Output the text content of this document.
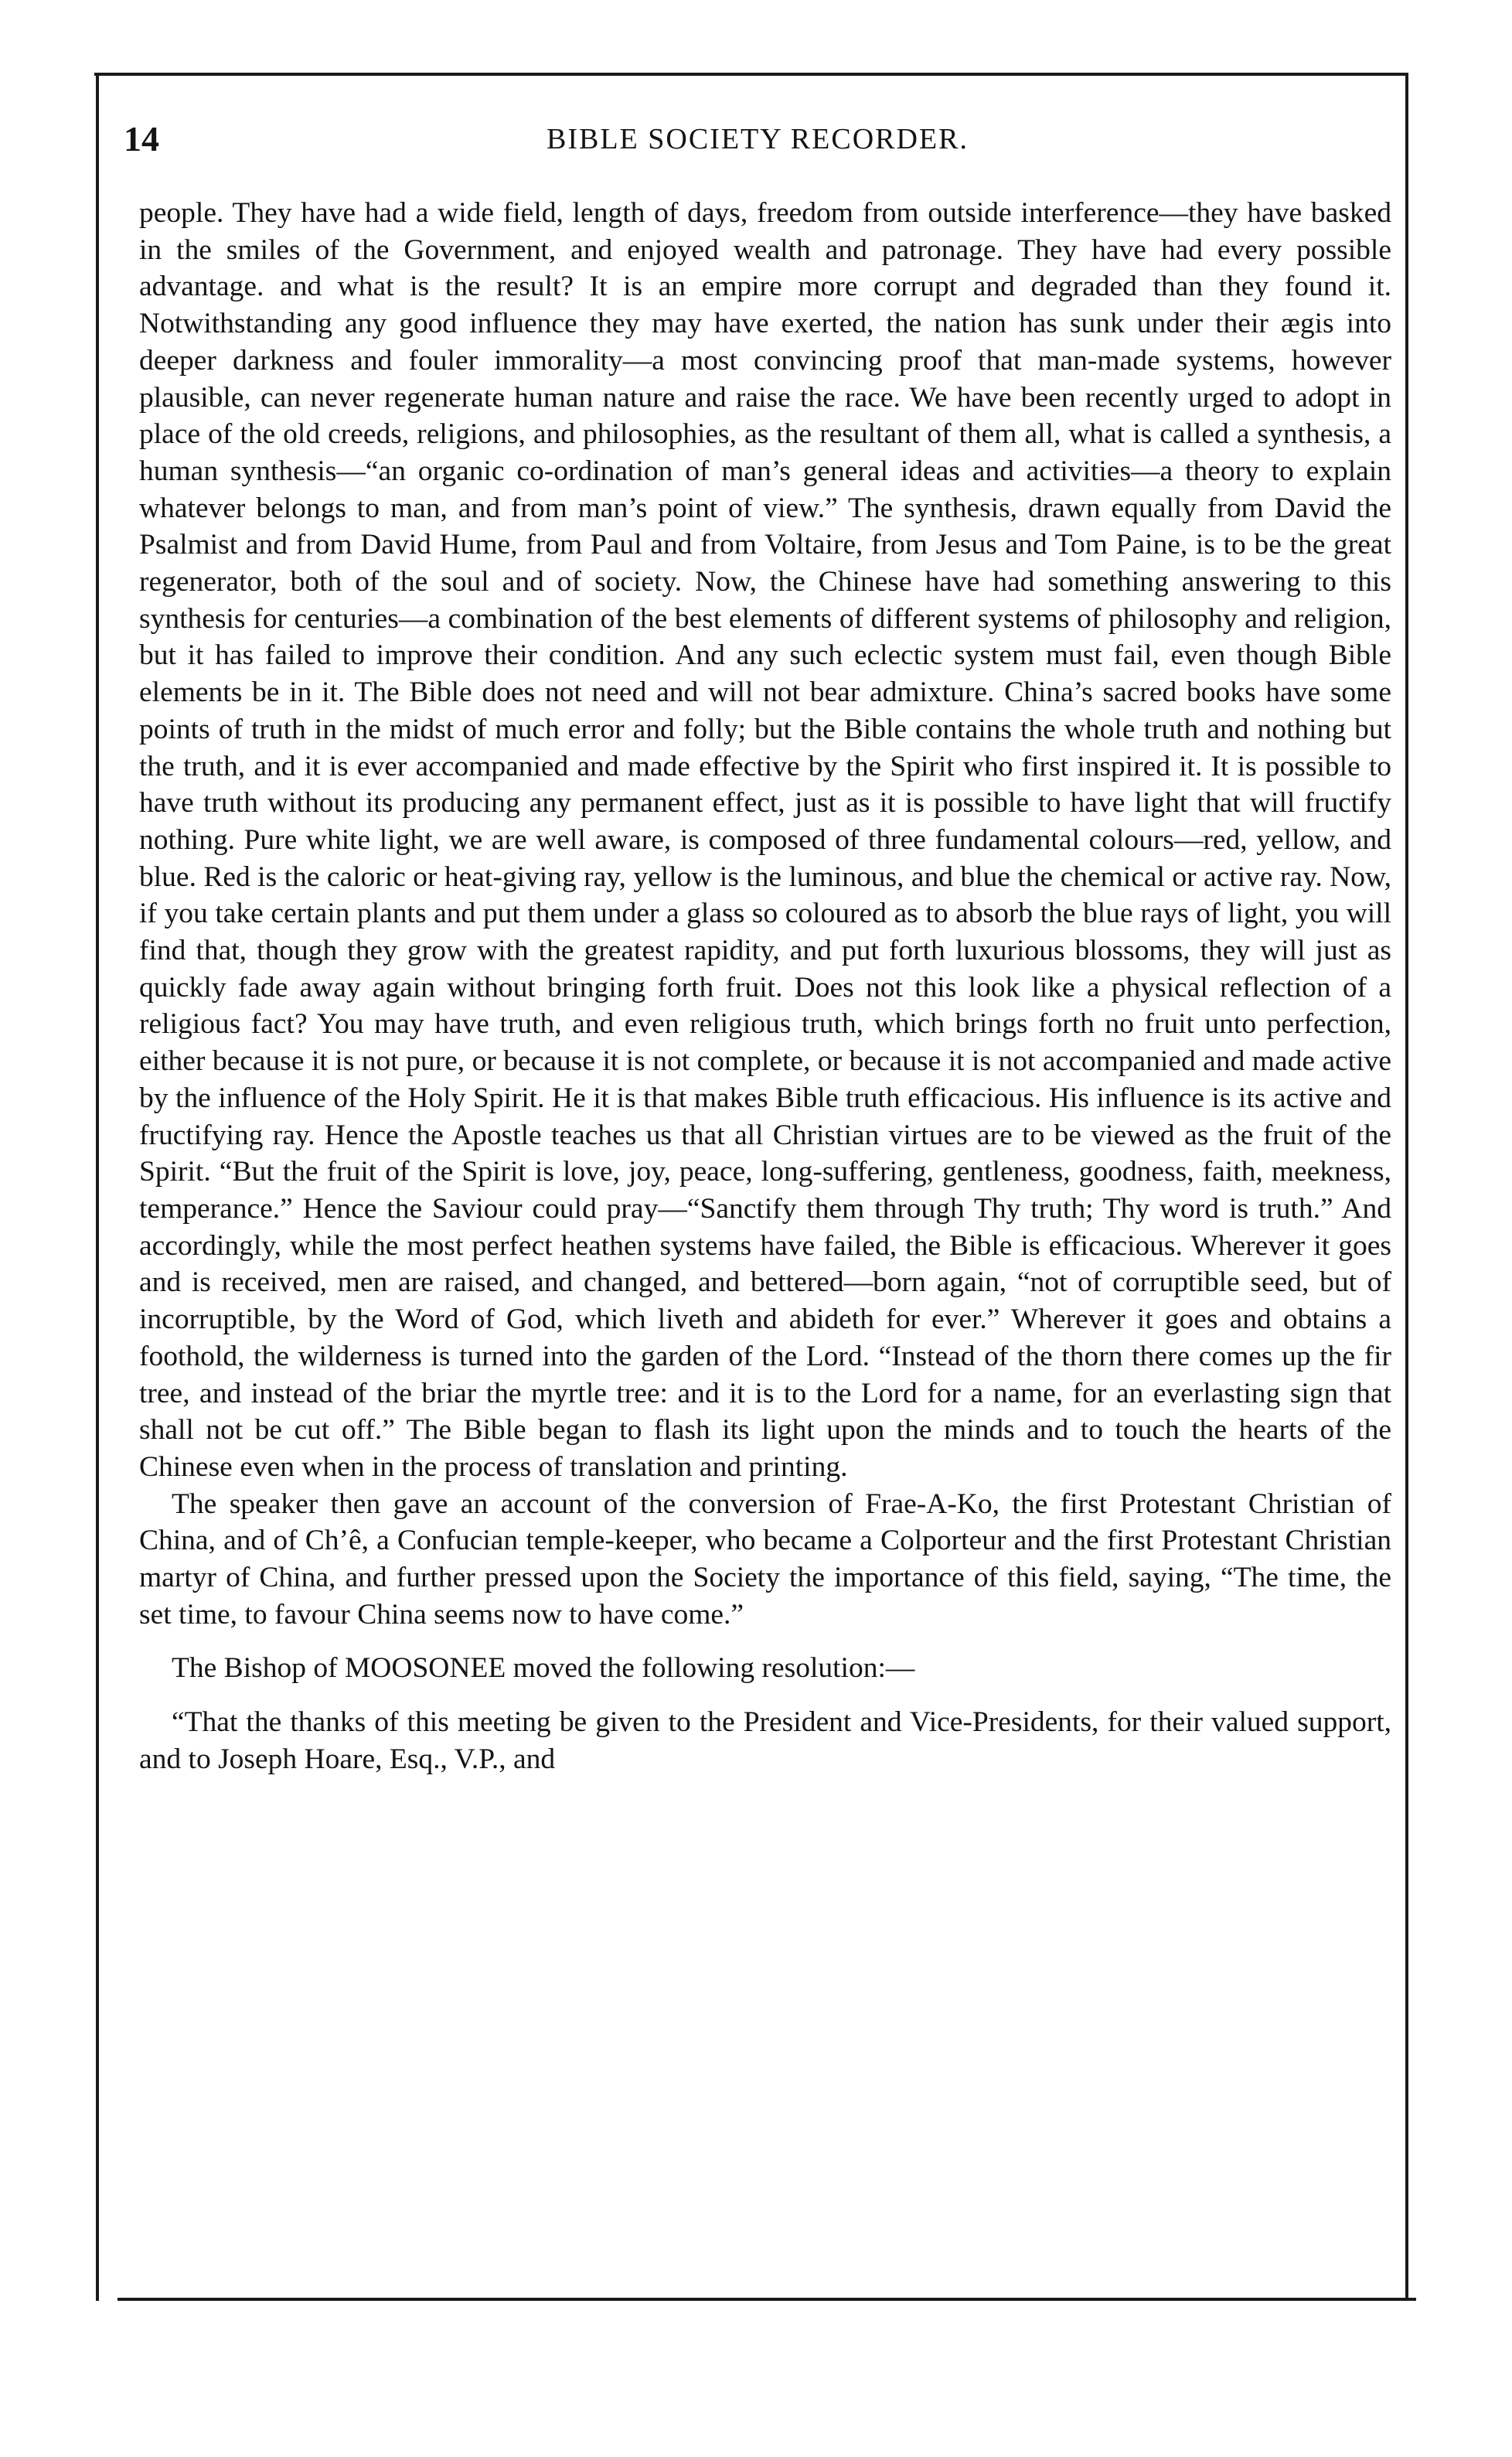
14	BIBLE SOCIETY RECORDER.

people. They have had a wide field, length of days, freedom from outside interference—they have basked in the smiles of the Government, and enjoyed wealth and patronage. They have had every possible advantage. and what is the result? It is an empire more corrupt and degraded than they found it. Notwithstanding any good influence they may have exerted, the nation has sunk under their ægis into deeper darkness and fouler immorality—a most convincing proof that man-made systems, however plausible, can never regenerate human nature and raise the race. We have been recently urged to adopt in place of the old creeds, religions, and philosophies, as the resultant of them all, what is called a synthesis, a human synthesis—“an organic co-ordination of man’s general ideas and activities—a theory to explain whatever belongs to man, and from man’s point of view.” The synthesis, drawn equally from David the Psalmist and from David Hume, from Paul and from Voltaire, from Jesus and Tom Paine, is to be the great regenerator, both of the soul and of society. Now, the Chinese have had something answering to this synthesis for centuries—a combination of the best elements of different systems of philosophy and religion, but it has failed to improve their condition. And any such eclectic system must fail, even though Bible elements be in it. The Bible does not need and will not bear admixture. China’s sacred books have some points of truth in the midst of much error and folly; but the Bible contains the whole truth and nothing but the truth, and it is ever accompanied and made effective by the Spirit who first inspired it. It is possible to have truth without its producing any permanent effect, just as it is possible to have light that will fructify nothing. Pure white light, we are well aware, is composed of three fundamental colours—red, yellow, and blue. Red is the caloric or heat-giving ray, yellow is the luminous, and blue the chemical or active ray. Now, if you take certain plants and put them under a glass so coloured as to absorb the blue rays of light, you will find that, though they grow with the greatest rapidity, and put forth luxurious blossoms, they will just as quickly fade away again without bringing forth fruit. Does not this look like a physical reflection of a religious fact? You may have truth, and even religious truth, which brings forth no fruit unto perfection, either because it is not pure, or because it is not complete, or because it is not accompanied and made active by the influence of the Holy Spirit. He it is that makes Bible truth efficacious. His influence is its active and fructifying ray. Hence the Apostle teaches us that all Christian virtues are to be viewed as the fruit of the Spirit. “But the fruit of the Spirit is love, joy, peace, long-suffering, gentleness, goodness, faith, meekness, temperance.” Hence the Saviour could pray—“Sanctify them through Thy truth; Thy word is truth.” And accordingly, while the most perfect heathen systems have failed, the Bible is efficacious. Wherever it goes and is received, men are raised, and changed, and bettered—born again, “not of corruptible seed, but of incorruptible, by the Word of God, which liveth and abideth for ever.” Wherever it goes and obtains a foothold, the wilderness is turned into the garden of the Lord. “Instead of the thorn there comes up the fir tree, and instead of the briar the myrtle tree: and it is to the Lord for a name, for an everlasting sign that shall not be cut off.” The Bible began to flash its light upon the minds and to touch the hearts of the Chinese even when in the process of translation and printing.

The speaker then gave an account of the conversion of Frae-A-Ko, the first Protestant Christian of China, and of Ch’ê, a Confucian temple-keeper, who became a Colporteur and the first Protestant Christian martyr of China, and further pressed upon the Society the importance of this field, saying, “The time, the set time, to favour China seems now to have come.”

The Bishop of MOOSONEE moved the following resolution:—

“That the thanks of this meeting be given to the President and Vice-Presidents, for their valued support, and to Joseph Hoare, Esq., V.P., and
